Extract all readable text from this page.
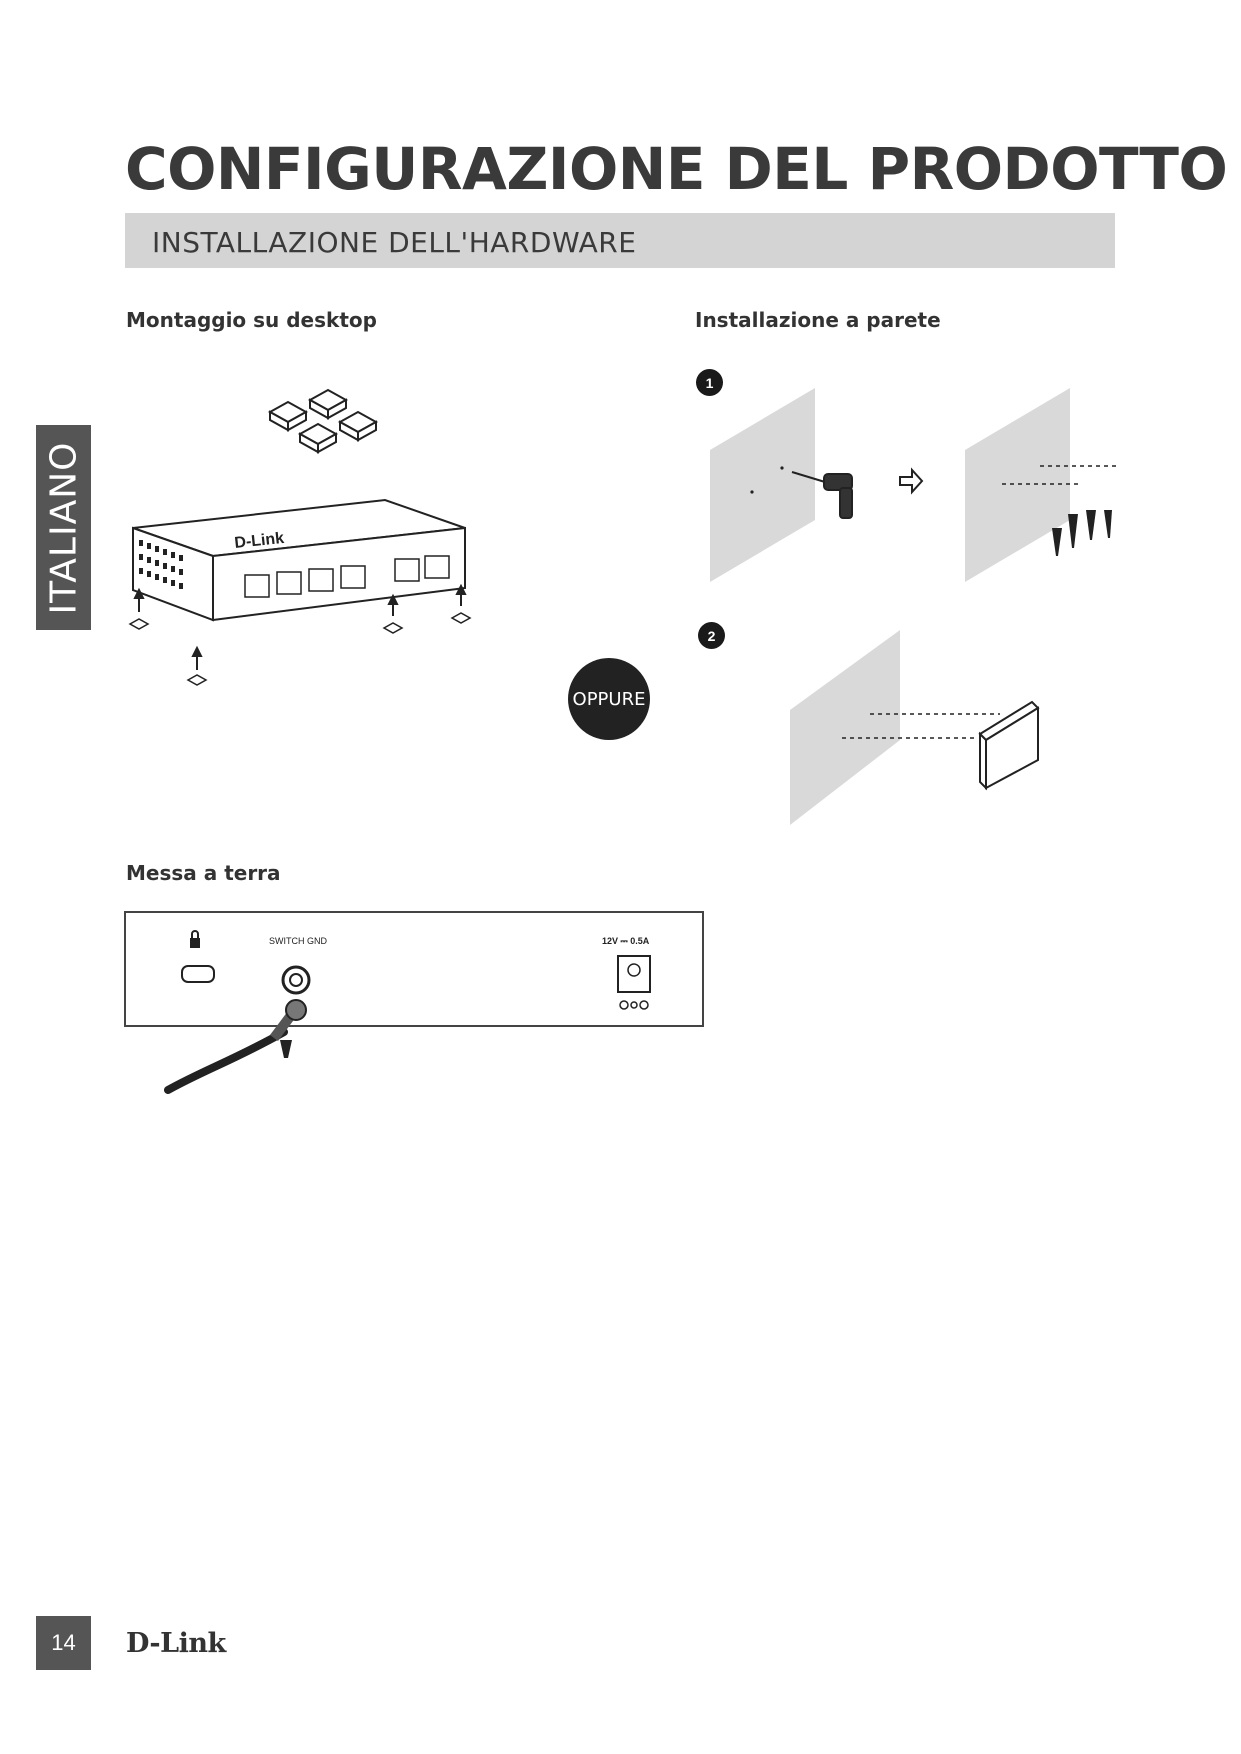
CONFIGURAZIONE DEL PRODOTTO
INSTALLAZIONE DELL'HARDWARE
ITALIANO
Montaggio su desktop	Installazione a parete
Messa a terra
D-Link
OPPURE
1
2
SWITCH GND	12V ⎓ 0.5A
14	D-Link
